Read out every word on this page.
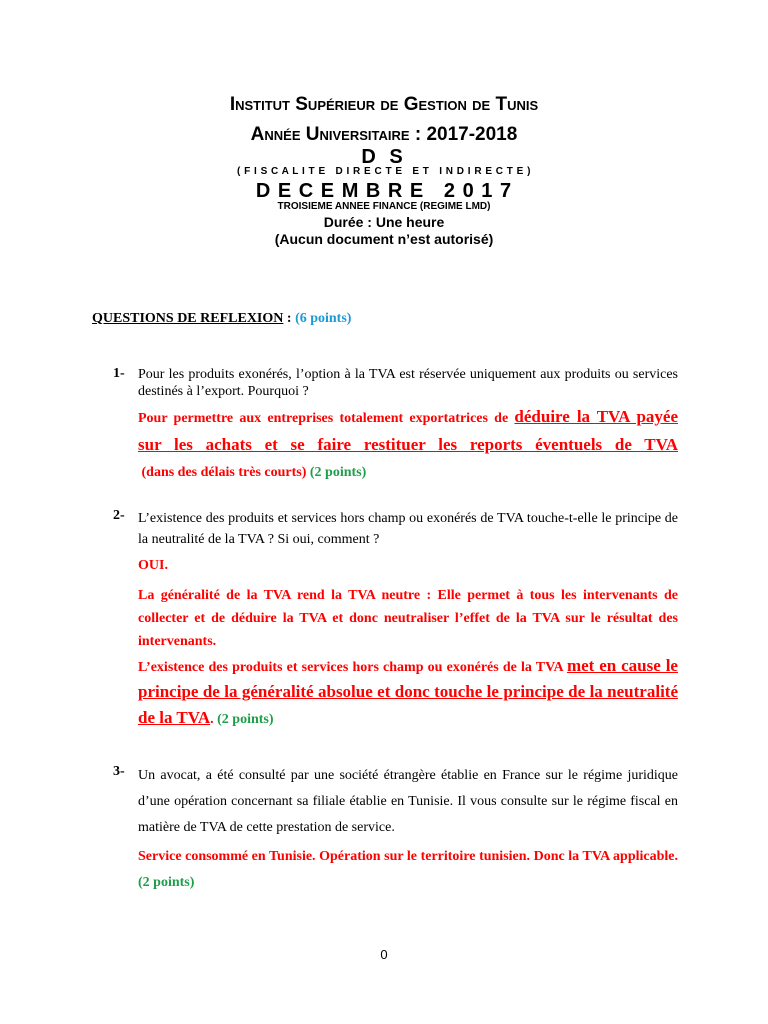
Institut Supérieur de Gestion de Tunis
Année Universitaire : 2017-2018
D S
( F I S C A L I T E   D I R E C T E   E T   I N D I R E C T E )
D E C E M B R E   2 0 1 7
TROISIEME ANNEE FINANCE (REGIME LMD)
Durée : Une heure
(Aucun document n’est autorisé)
QUESTIONS DE REFLEXION : (6 points)
1- Pour les produits exonérés, l’option à la TVA est réservée uniquement aux produits ou services destinés à l’export. Pourquoi ?
Pour permettre aux entreprises totalement exportatrices de déduire la TVA payée sur les achats et se faire restituer les reports éventuels de TVA (dans des délais très courts) (2 points)
2- L’existence des produits et services hors champ ou exonérés de TVA touche-t-elle le principe de la neutralité de la TVA ? Si oui, comment ?
OUI.
La généralité de la TVA rend la TVA neutre : Elle permet à tous les intervenants de collecter et de déduire la TVA et donc neutraliser l’effet de la TVA sur le résultat des intervenants.
L’existence des produits et services hors champ ou exonérés de la TVA met en cause le principe de la généralité absolue et donc touche le principe de la neutralité de la TVA. (2 points)
3- Un avocat, a été consulté par une société étrangère établie en France sur le régime juridique d’une opération concernant sa filiale établie en Tunisie. Il vous consulte sur le régime fiscal en matière de TVA de cette prestation de service.
Service consommé en Tunisie. Opération sur le territoire tunisien. Donc la TVA applicable. (2 points)
0
